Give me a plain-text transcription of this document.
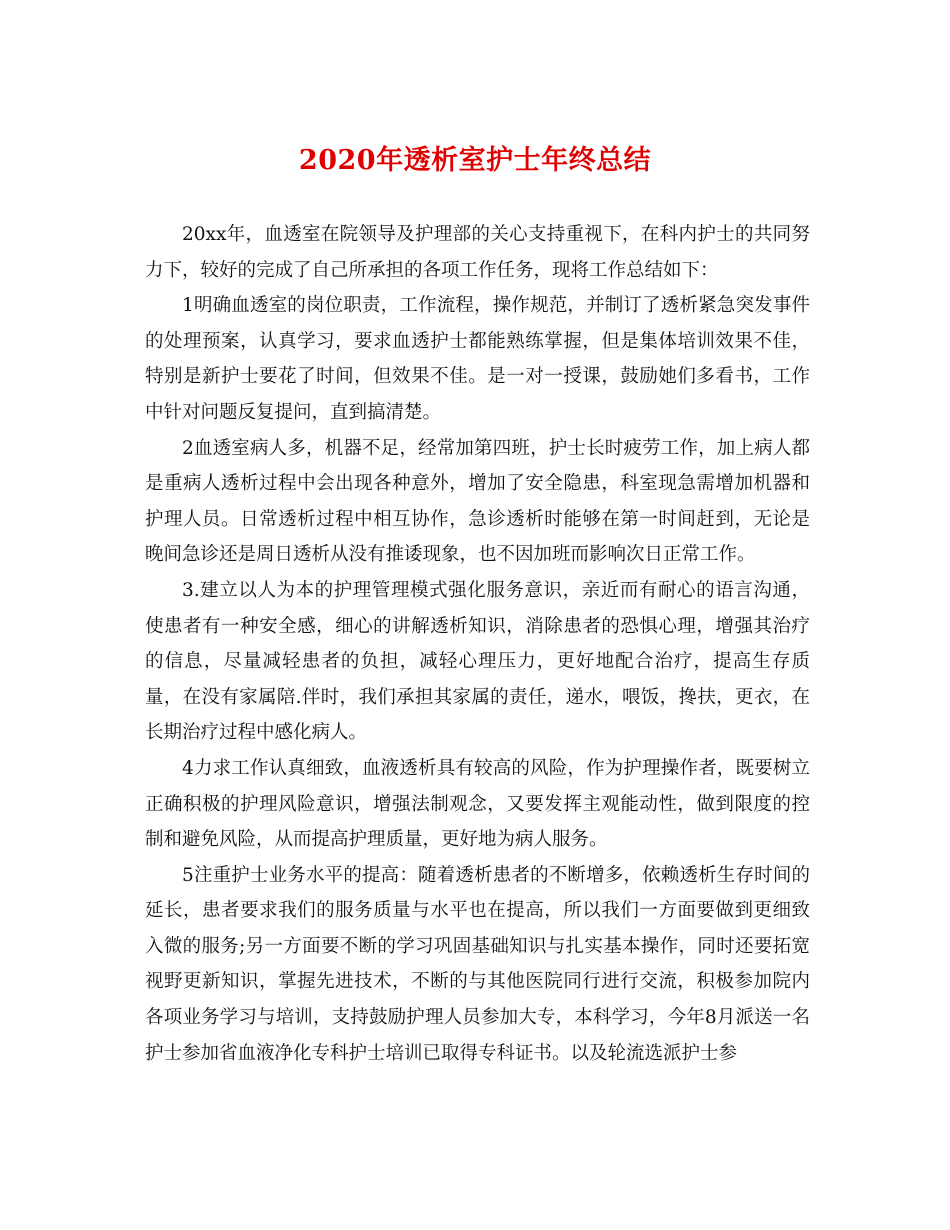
2020年透析室护士年终总结

20xx年，血透室在院领导及护理部的关心支持重视下，在科内护士的共同努力下，较好的完成了自己所承担的各项工作任务，现将工作总结如下：

1明确血透室的岗位职责，工作流程，操作规范，并制订了透析紧急突发事件的处理预案，认真学习，要求血透护士都能熟练掌握，但是集体培训效果不佳，特别是新护士要花了时间，但效果不佳。是一对一授课，鼓励她们多看书，工作中针对问题反复提问，直到搞清楚。

2血透室病人多，机器不足，经常加第四班，护士长时疲劳工作，加上病人都是重病人透析过程中会出现各种意外，增加了安全隐患，科室现急需增加机器和护理人员。日常透析过程中相互协作，急诊透析时能够在第一时间赶到，无论是晚间急诊还是周日透析从没有推诿现象，也不因加班而影响次日正常工作。

3.建立以人为本的护理管理模式强化服务意识，亲近而有耐心的语言沟通，使患者有一种安全感，细心的讲解透析知识，消除患者的恐惧心理，增强其治疗的信息，尽量减轻患者的负担，减轻心理压力，更好地配合治疗，提高生存质量，在没有家属陪.伴时，我们承担其家属的责任，递水，喂饭，搀扶，更衣，在长期治疗过程中感化病人。

4力求工作认真细致，血液透析具有较高的风险，作为护理操作者，既要树立正确积极的护理风险意识，增强法制观念，又要发挥主观能动性，做到限度的控制和避免风险，从而提高护理质量，更好地为病人服务。

5注重护士业务水平的提高：随着透析患者的不断增多，依赖透析生存时间的延长，患者要求我们的服务质量与水平也在提高，所以我们一方面要做到更细致入微的服务;另一方面要不断的学习巩固基础知识与扎实基本操作，同时还要拓宽视野更新知识，掌握先进技术，不断的与其他医院同行进行交流，积极参加院内各项业务学习与培训，支持鼓励护理人员参加大专，本科学习，今年8月派送一名护士参加省血液净化专科护士培训已取得专科证书。以及轮流选派护士参
